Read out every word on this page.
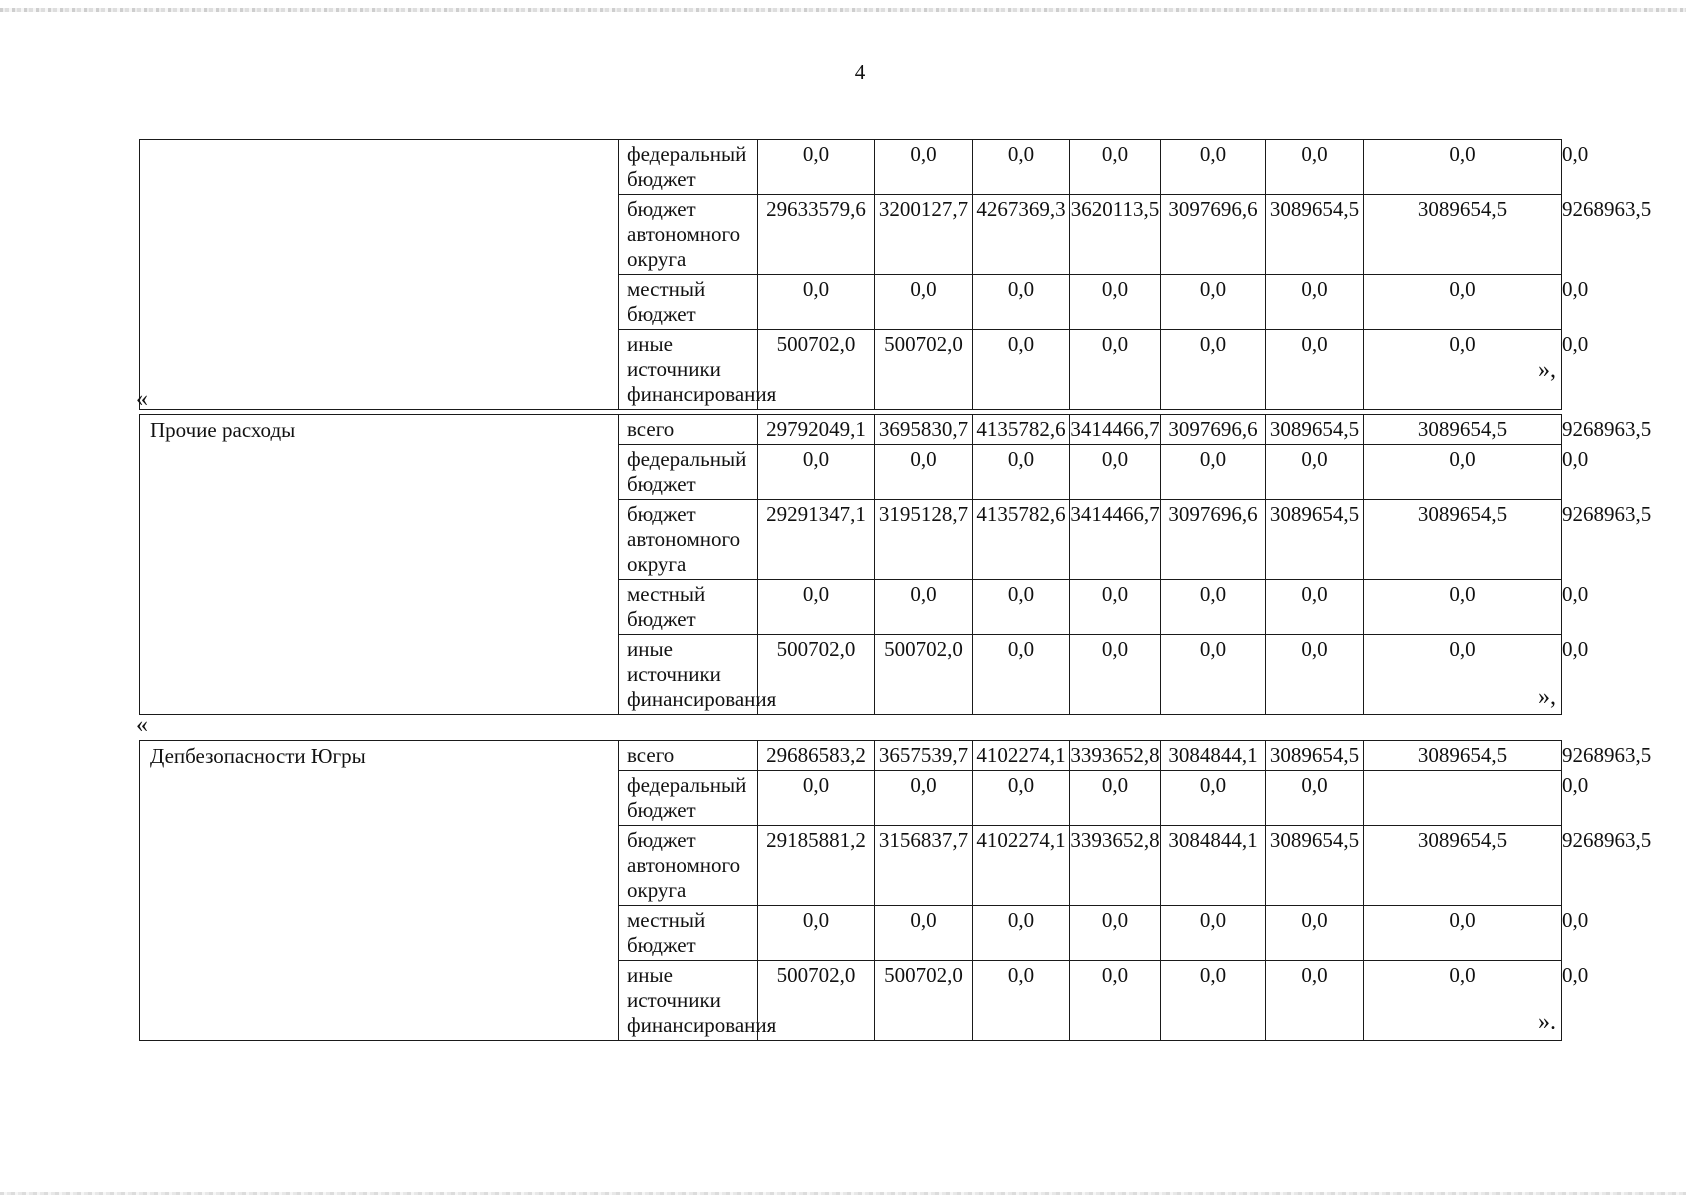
4
	федеральный бюджет	0,0	0,0	0,0	0,0	0,0	0,0	0,0	0,0
	бюджет автономного округа	29633579,6	3200127,7	4267369,3	3620113,5	3097696,6	3089654,5	3089654,5	9268963,5
	местный бюджет	0,0	0,0	0,0	0,0	0,0	0,0	0,0	0,0
	иные источники финансирования	500702,0	500702,0	0,0	0,0	0,0	0,0	0,0	0,0
Прочие расходы	всего	29792049,1	3695830,7	4135782,6	3414466,7	3097696,6	3089654,5	3089654,5	9268963,5
	федеральный бюджет	0,0	0,0	0,0	0,0	0,0	0,0	0,0	0,0
	бюджет автономного округа	29291347,1	3195128,7	4135782,6	3414466,7	3097696,6	3089654,5	3089654,5	9268963,5
	местный бюджет	0,0	0,0	0,0	0,0	0,0	0,0	0,0	0,0
	иные источники финансирования	500702,0	500702,0	0,0	0,0	0,0	0,0	0,0	0,0
Депбезопасности Югры	всего	29686583,2	3657539,7	4102274,1	3393652,8	3084844,1	3089654,5	3089654,5	9268963,5
	федеральный бюджет	0,0	0,0	0,0	0,0	0,0	0,0		0,0
	бюджет автономного округа	29185881,2	3156837,7	4102274,1	3393652,8	3084844,1	3089654,5	3089654,5	9268963,5
	местный бюджет	0,0	0,0	0,0	0,0	0,0	0,0	0,0	0,0
	иные источники финансирования	500702,0	500702,0	0,0	0,0	0,0	0,0	0,0	0,0
»,
«
»,
«
».
